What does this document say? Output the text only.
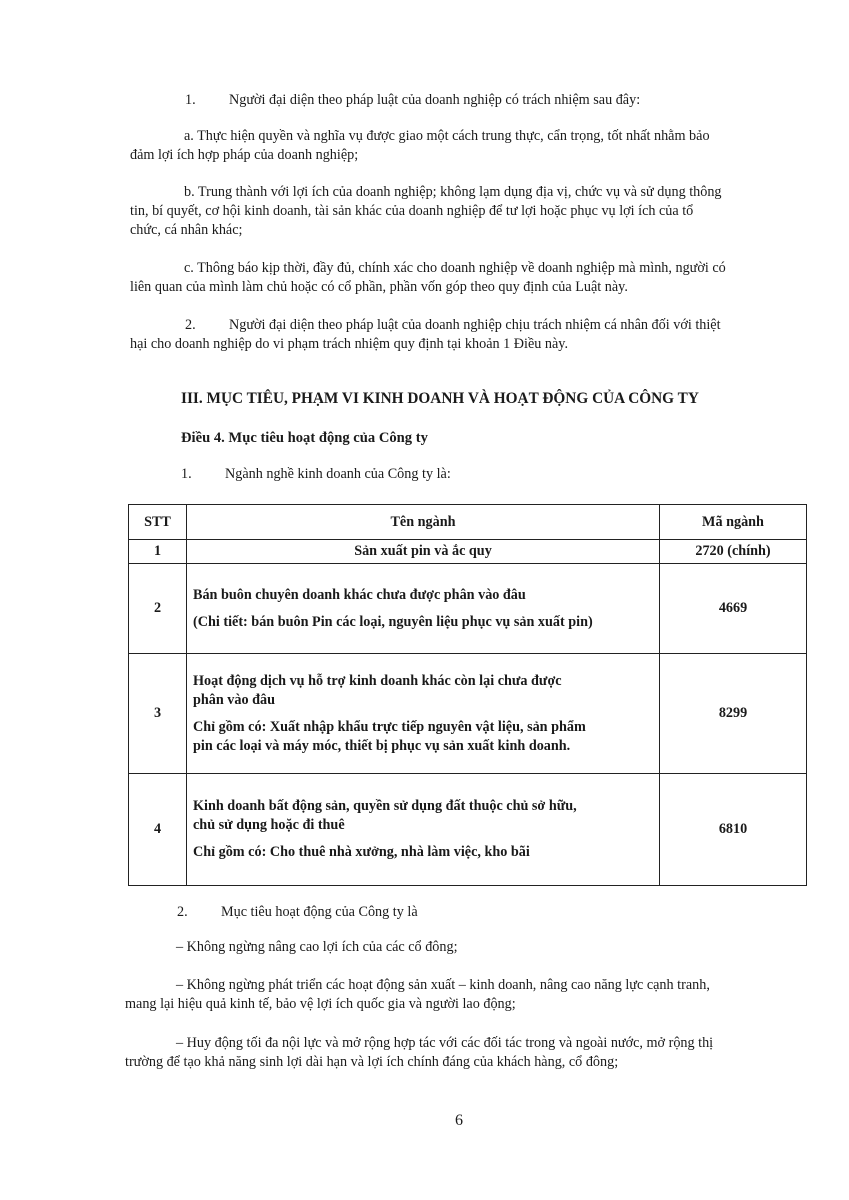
1. Người đại diện theo pháp luật của doanh nghiệp có trách nhiệm sau đây:

a. Thực hiện quyền và nghĩa vụ được giao một cách trung thực, cẩn trọng, tốt nhất nhằm bảo

đảm lợi ích hợp pháp của doanh nghiệp;

b. Trung thành với lợi ích của doanh nghiệp; không lạm dụng địa vị, chức vụ và sử dụng thông

tin, bí quyết, cơ hội kinh doanh, tài sản khác của doanh nghiệp để tư lợi hoặc phục vụ lợi ích của tổ

chức, cá nhân khác;

c. Thông báo kịp thời, đầy đủ, chính xác cho doanh nghiệp về doanh nghiệp mà mình, người có

liên quan của mình làm chủ hoặc có cổ phần, phần vốn góp theo quy định của Luật này.

2. Người đại diện theo pháp luật của doanh nghiệp chịu trách nhiệm cá nhân đối với thiệt

hại cho doanh nghiệp do vi phạm trách nhiệm quy định tại khoản 1 Điều này.

III. MỤC TIÊU, PHẠM VI KINH DOANH VÀ HOẠT ĐỘNG CỦA CÔNG TY

Điều 4. Mục tiêu hoạt động của Công ty

1. Ngành nghề kinh doanh của Công ty là:

STT	Tên ngành	Mã ngành
1	Sản xuất pin và ắc quy	2720 (chính)
2	Bán buôn chuyên doanh khác chưa được phân vào đâu

(Chi tiết: bán buôn Pin các loại, nguyên liệu phục vụ sản xuất pin)	4669
3	Hoạt động dịch vụ hỗ trợ kinh doanh khác còn lại chưa được

phân vào đâu

Chỉ gồm có: Xuất nhập khẩu trực tiếp nguyên vật liệu, sản phẩm

pin các loại và máy móc, thiết bị phục vụ sản xuất kinh doanh.	8299
4	Kinh doanh bất động sản, quyền sử dụng đất thuộc chủ sở hữu,

chủ sử dụng hoặc đi thuê

Chỉ gồm có: Cho thuê nhà xưởng, nhà làm việc, kho bãi	6810

2. Mục tiêu hoạt động của Công ty là

– Không ngừng nâng cao lợi ích của các cổ đông;

– Không ngừng phát triển các hoạt động sản xuất – kinh doanh, nâng cao năng lực cạnh tranh,

mang lại hiệu quả kinh tế, bảo vệ lợi ích quốc gia và người lao động;

– Huy động tối đa nội lực và mở rộng hợp tác với các đối tác trong và ngoài nước, mở rộng thị

trường để tạo khả năng sinh lợi dài hạn và lợi ích chính đáng của khách hàng, cổ đông;

6
